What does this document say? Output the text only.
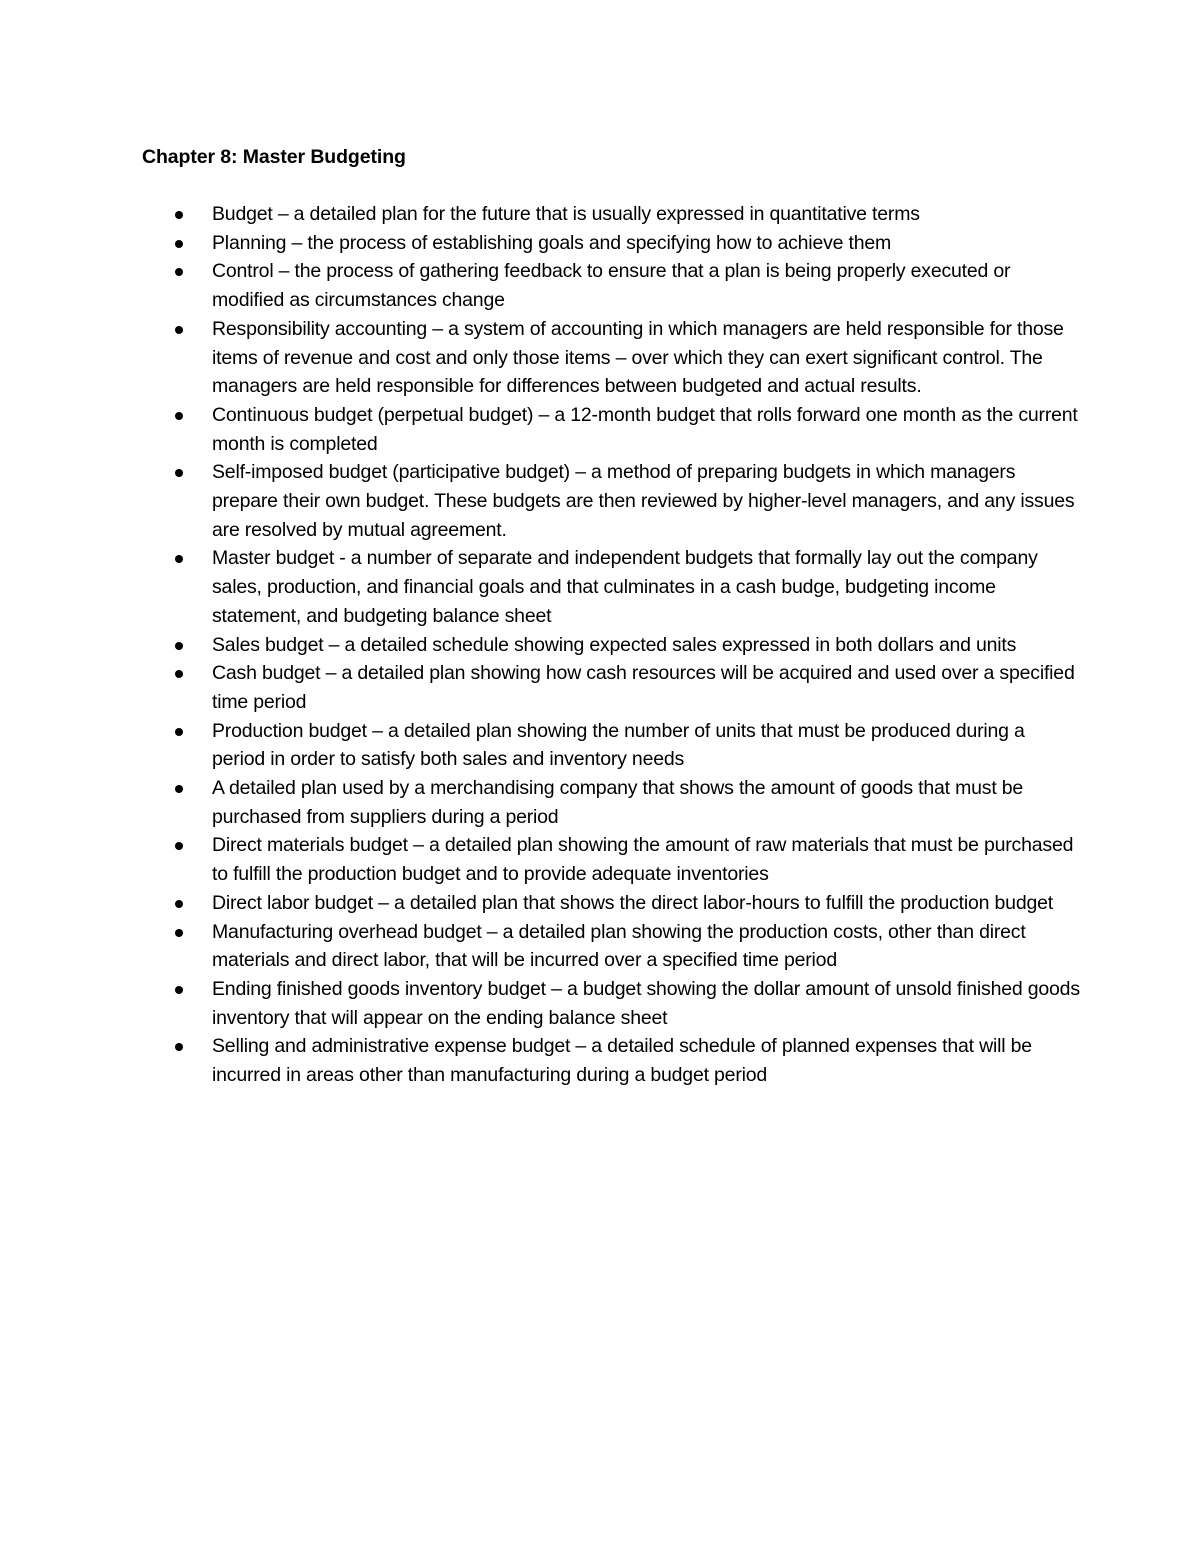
Chapter 8: Master Budgeting
Budget – a detailed plan for the future that is usually expressed in quantitative terms
Planning – the process of establishing goals and specifying how to achieve them
Control – the process of gathering feedback to ensure that a plan is being properly executed or modified as circumstances change
Responsibility accounting – a system of accounting in which managers are held responsible for those items of revenue and cost and only those items – over which they can exert significant control. The managers are held responsible for differences between budgeted and actual results.
Continuous budget (perpetual budget) – a 12-month budget that rolls forward one month as the current month is completed
Self-imposed budget (participative budget) – a method of preparing budgets in which managers prepare their own budget. These budgets are then reviewed by higher-level managers, and any issues are resolved by mutual agreement.
Master budget - a number of separate and independent budgets that formally lay out the company sales, production, and financial goals and that culminates in a cash budge, budgeting income statement, and budgeting balance sheet
Sales budget – a detailed schedule showing expected sales expressed in both dollars and units
Cash budget – a detailed plan showing how cash resources will be acquired and used over a specified time period
Production budget – a detailed plan showing the number of units that must be produced during a period in order to satisfy both sales and inventory needs
A detailed plan used by a merchandising company that shows the amount of goods that must be purchased from suppliers during a period
Direct materials budget – a detailed plan showing the amount of raw materials that must be purchased to fulfill the production budget and to provide adequate inventories
Direct labor budget – a detailed plan that shows the direct labor-hours to fulfill the production budget
Manufacturing overhead budget – a detailed plan showing the production costs, other than direct materials and direct labor, that will be incurred over a specified time period
Ending finished goods inventory budget – a budget showing the dollar amount of unsold finished goods inventory that will appear on the ending balance sheet
Selling and administrative expense budget – a detailed schedule of planned expenses that will be incurred in areas other than manufacturing during a budget period
